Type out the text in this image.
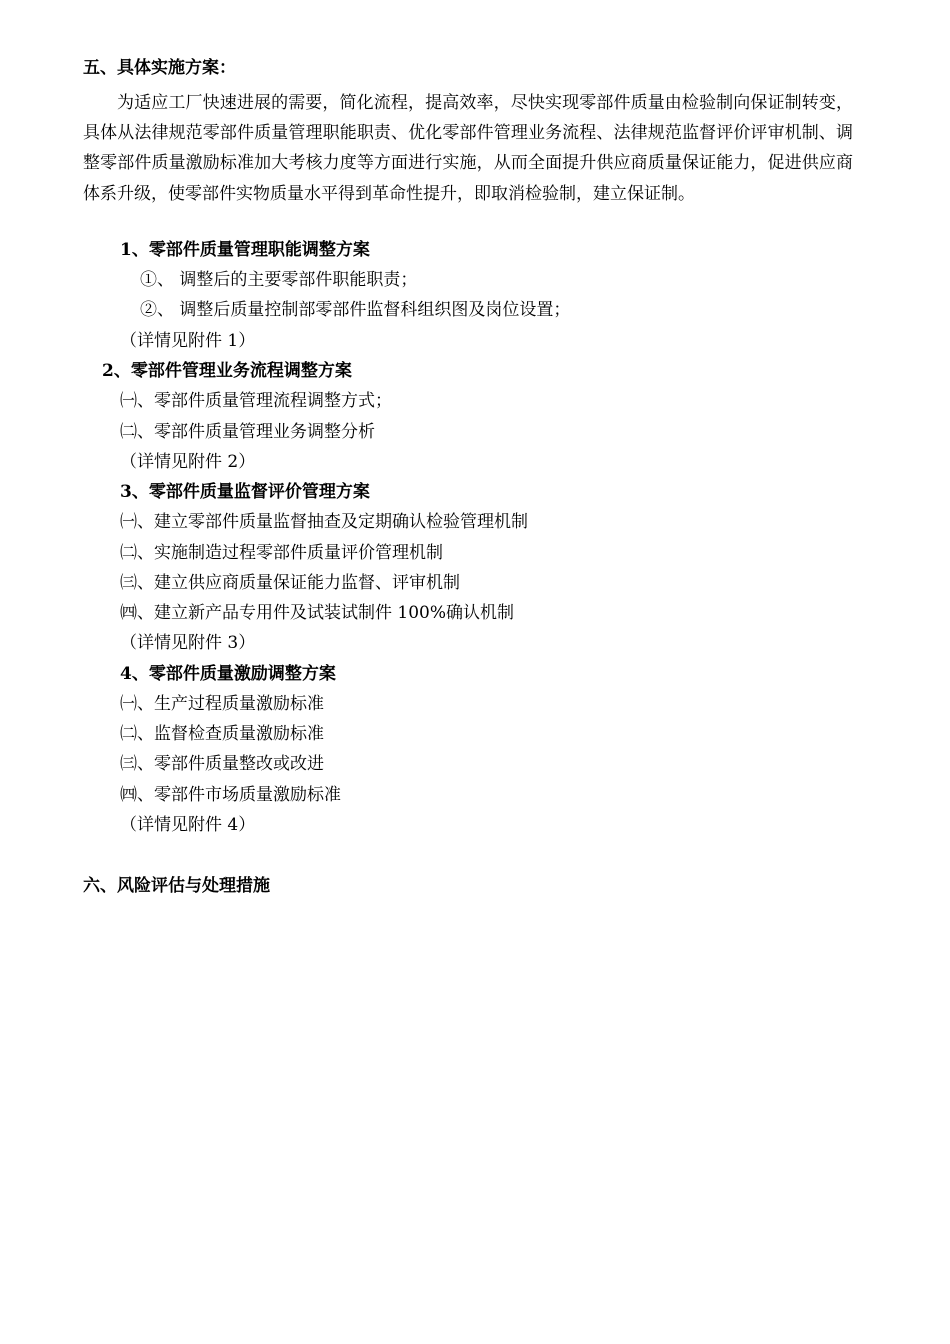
五、具体实施方案：
为适应工厂快速进展的需要，简化流程，提高效率，尽快实现零部件质量由检验制向保证制转变，具体从法律规范零部件质量管理职能职责、优化零部件管理业务流程、法律规范监督评价评审机制、调整零部件质量激励标准加大考核力度等方面进行实施，从而全面提升供应商质量保证能力，促进供应商体系升级，使零部件实物质量水平得到革命性提升，即取消检验制，建立保证制。
1、零部件质量管理职能调整方案
①、 调整后的主要零部件职能职责；
②、 调整后质量控制部零部件监督科组织图及岗位设置；
（详情见附件 1）
2、零部件管理业务流程调整方案
㈠、零部件质量管理流程调整方式；
㈡、零部件质量管理业务调整分析
（详情见附件 2）
3、零部件质量监督评价管理方案
㈠、建立零部件质量监督抽查及定期确认检验管理机制
㈡、实施制造过程零部件质量评价管理机制
㈢、建立供应商质量保证能力监督、评审机制
㈣、建立新产品专用件及试装试制件 100%确认机制
（详情见附件 3）
4、零部件质量激励调整方案
㈠、生产过程质量激励标准
㈡、监督检查质量激励标准
㈢、零部件质量整改或改进
㈣、零部件市场质量激励标准
（详情见附件 4）
六、风险评估与处理措施
